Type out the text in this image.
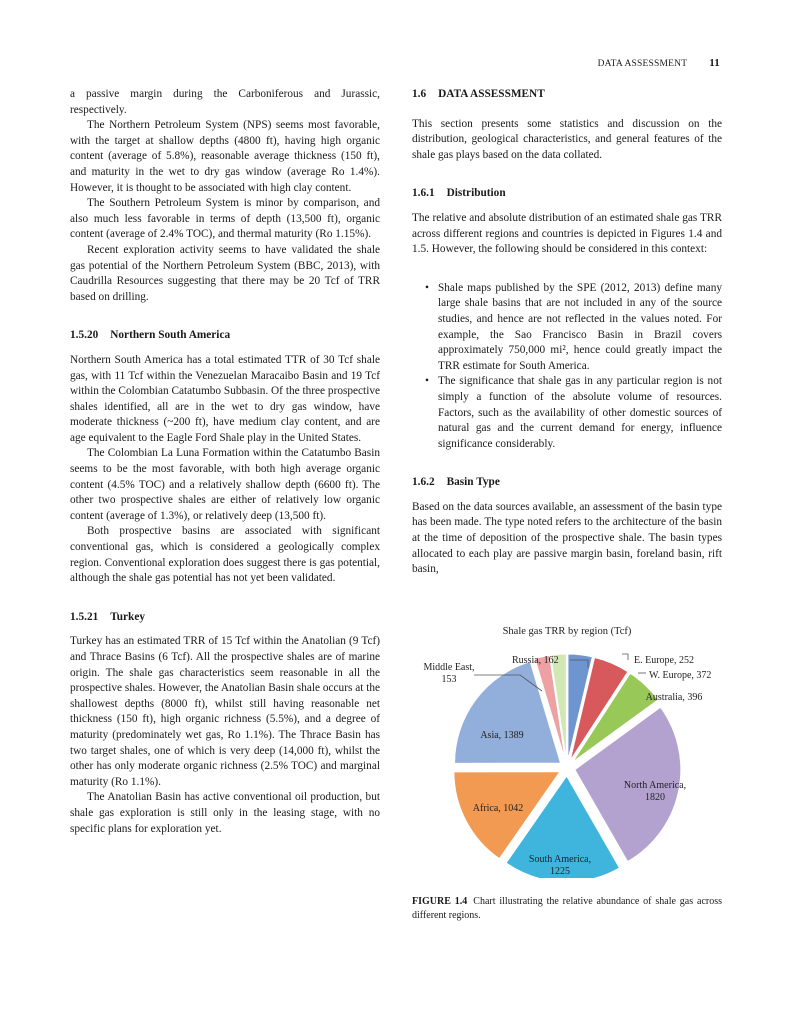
DATA ASSESSMENT 11

a passive margin during the Carboniferous and Jurassic, respectively.

The Northern Petroleum System (NPS) seems most favorable, with the target at shallow depths (4800 ft), having high organic content (average of 5.8%), reasonable average thickness (150 ft), and maturity in the wet to dry gas window (average Ro 1.4%). However, it is thought to be associated with high clay content.

The Southern Petroleum System is minor by comparison, and also much less favorable in terms of depth (13,500 ft), organic content (average of 2.4% TOC), and thermal maturity (Ro 1.15%).

Recent exploration activity seems to have validated the shale gas potential of the Northern Petroleum System (BBC, 2013), with Caudrilla Resources suggesting that there may be 20 Tcf of TRR based on drilling.

1.5.20 Northern South America

Northern South America has a total estimated TTR of 30 Tcf shale gas, with 11 Tcf within the Venezuelan Maracaibo Basin and 19 Tcf within the Colombian Catatumbo Subbasin. Of the three prospective shales identified, all are in the wet to dry gas window, have moderate thickness (~200 ft), have medium clay content, and are age equivalent to the Eagle Ford Shale play in the United States.

The Colombian La Luna Formation within the Catatumbo Basin seems to be the most favorable, with both high average organic content (4.5% TOC) and a relatively shallow depth (6600 ft). The other two prospective shales are either of relatively low organic content (average of 1.3%), or relatively deep (13,500 ft).

Both prospective basins are associated with significant conventional gas, which is considered a geologically complex region. Conventional exploration does suggest there is gas potential, although the shale gas potential has not yet been validated.

1.5.21 Turkey

Turkey has an estimated TRR of 15 Tcf within the Anatolian (9 Tcf) and Thrace Basins (6 Tcf). All the prospective shales are of marine origin. The shale gas characteristics seem reasonable in all the prospective shales. However, the Anatolian Basin shale occurs at the shallowest depths (8000 ft), whilst still having reasonable net thickness (150 ft), high organic richness (5.5%), and a degree of maturity (predominately wet gas, Ro 1.1%). The Thrace Basin has two target shales, one of which is very deep (14,000 ft), whilst the other has only moderate organic richness (2.5% TOC) and marginal maturity (Ro 1.1%).

The Anatolian Basin has active conventional oil production, but shale gas exploration is still only in the leasing stage, with no specific plans for exploration yet.

1.6 DATA ASSESSMENT

This section presents some statistics and discussion on the distribution, geological characteristics, and general features of the shale gas plays based on the data collated.

1.6.1 Distribution

The relative and absolute distribution of an estimated shale gas TRR across different regions and countries is depicted in Figures 1.4 and 1.5. However, the following should be considered in this context:

• Shale maps published by the SPE (2012, 2013) define many large shale basins that are not included in any of the source studies, and hence are not reflected in the values noted. For example, the Sao Francisco Basin in Brazil covers approximately 750,000 mi², hence could greatly impact the TRR estimate for South America.
• The significance that shale gas in any particular region is not simply a function of the absolute volume of resources. Factors, such as the availability of other domestic sources of natural gas and the current demand for energy, influence significance considerably.
1.6.2 Basin Type

Based on the data sources available, an assessment of the basin type has been made. The type noted refers to the architecture of the basin at the time of deposition of the prospective shale. The basin types allocated to each play are passive margin basin, foreland basin, rift basin,

Shale gas TRR by region (Tcf)
E. Europe, 252
W. Europe, 372
Australia, 396
North America, 1820
South America, 1225
Africa, 1042
Asia, 1389
Middle East, 153
Russia, 162
FIGURE 1.4 Chart illustrating the relative abundance of shale gas across different regions.
